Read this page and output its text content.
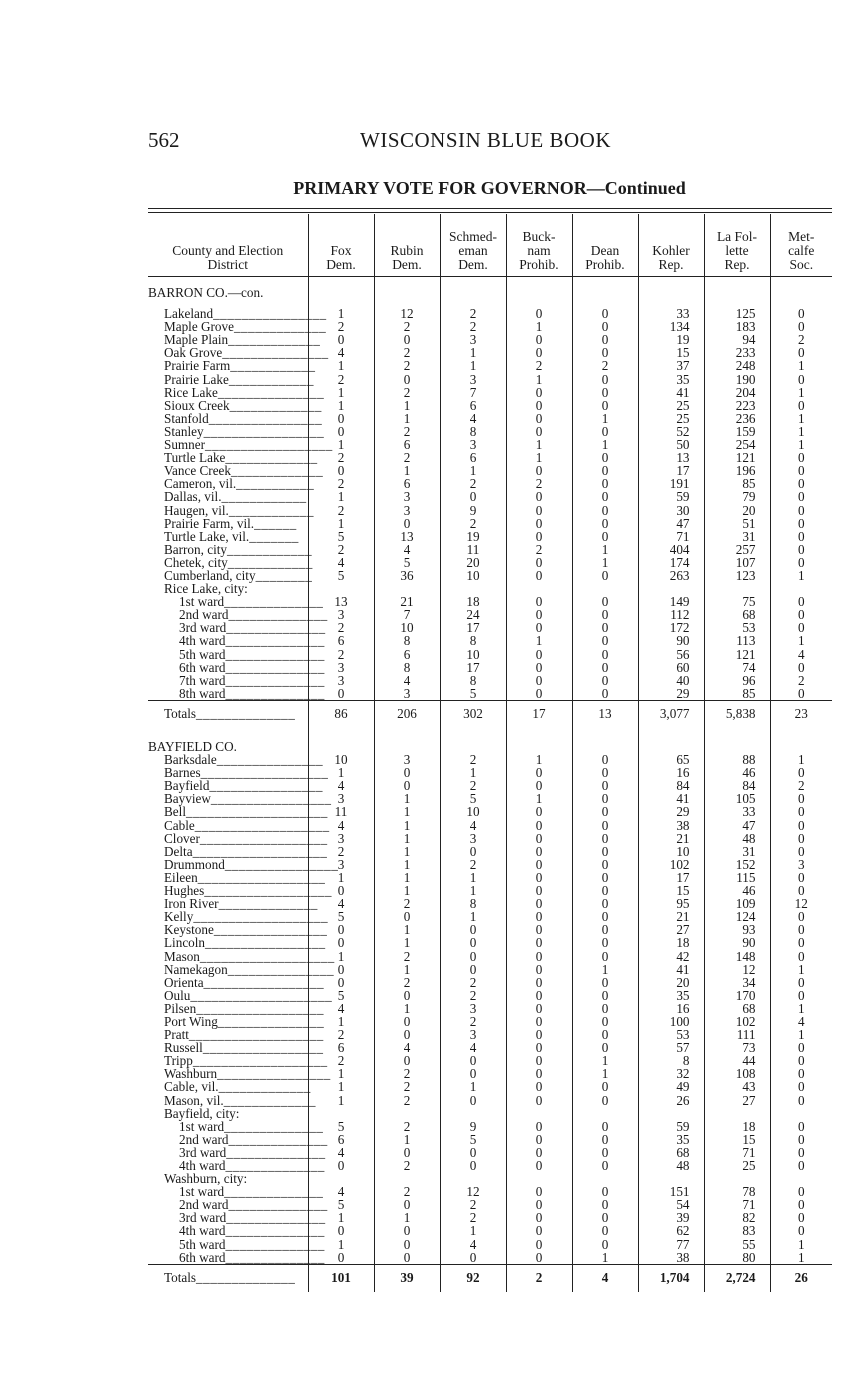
562	WISCONSIN BLUE BOOK
PRIMARY VOTE FOR GOVERNOR—Continued
County and Election
District	Fox
Dem.	Rubin
Dem.	Schmed-
eman
Dem.	Buck-
nam
Prohib.	Dean
Prohib.	Kohler
Rep.	La Fol-
lette
Rep.	Met-
calfe
Soc.
BARRON CO.—con.								
Lakeland________________	1	12	2	0	0	33	125	0
Maple Grove_____________	2	2	2	1	0	134	183	0
Maple Plain_____________	0	0	3	0	0	19	94	2
Oak Grove_______________	4	2	1	0	0	15	233	0
Prairie Farm____________	1	2	1	2	2	37	248	1
Prairie Lake____________	2	0	3	1	0	35	190	0
Rice Lake_______________	1	2	7	0	0	41	204	1
Sioux Creek_____________	1	1	6	0	0	25	223	0
Stanfold________________	0	1	4	0	1	25	236	1
Stanley_________________	0	2	8	0	0	52	159	1
Sumner__________________	1	6	3	1	1	50	254	1
Turtle Lake_____________	2	2	6	1	0	13	121	0
Vance Creek_____________	0	1	1	0	0	17	196	0
Cameron, vil.___________	2	6	2	2	0	191	85	0
Dallas, vil.____________	1	3	0	0	0	59	79	0
Haugen, vil.____________	2	3	9	0	0	30	20	0
Prairie Farm, vil.______	1	0	2	0	0	47	51	0
Turtle Lake, vil._______	5	13	19	0	0	71	31	0
Barron, city____________	2	4	11	2	1	404	257	0
Chetek, city____________	4	5	20	0	1	174	107	0
Cumberland, city________	5	36	10	0	0	263	123	1
Rice Lake, city:								
1st ward______________	13	21	18	0	0	149	75	0
2nd ward______________	3	7	24	0	0	112	68	0
3rd ward______________	2	10	17	0	0	172	53	0
4th ward______________	6	8	8	1	0	90	113	1
5th ward______________	2	6	10	0	0	56	121	4
6th ward______________	3	8	17	0	0	60	74	0
7th ward______________	3	4	8	0	0	40	96	2
8th ward______________	0	3	5	0	0	29	85	0
Totals______________	86	206	302	17	13	3,077	5,838	23
BAYFIELD CO.								
Barksdale_______________	10	3	2	1	0	65	88	1
Barnes__________________	1	0	1	0	0	16	46	0
Bayfield________________	4	0	2	0	0	84	84	2
Bayview_________________	3	1	5	1	0	41	105	0
Bell____________________	11	1	10	0	0	29	33	0
Cable___________________	4	1	4	0	0	38	47	0
Clover__________________	3	1	3	0	0	21	48	0
Delta___________________	2	1	0	0	0	10	31	0
Drummond________________	3	1	2	0	0	102	152	3
Eileen__________________	1	1	1	0	0	17	115	0
Hughes__________________	0	1	1	0	0	15	46	0
Iron River______________	4	2	8	0	0	95	109	12
Kelly___________________	5	0	1	0	0	21	124	0
Keystone________________	0	1	0	0	0	27	93	0
Lincoln_________________	0	1	0	0	0	18	90	0
Mason___________________	1	2	0	0	0	42	148	0
Namekagon_______________	0	1	0	0	1	41	12	1
Orienta_________________	0	2	2	0	0	20	34	0
Oulu____________________	5	0	2	0	0	35	170	0
Pilsen__________________	4	1	3	0	0	16	68	1
Port Wing_______________	1	0	2	0	0	100	102	4
Pratt___________________	2	0	3	0	0	53	111	1
Russell_________________	6	4	4	0	0	57	73	0
Tripp___________________	2	0	0	0	1	8	44	0
Washburn________________	1	2	0	0	1	32	108	0
Cable, vil._____________	1	2	1	0	0	49	43	0
Mason, vil._____________	1	2	0	0	0	26	27	0
Bayfield, city:								
1st ward______________	5	2	9	0	0	59	18	0
2nd ward______________	6	1	5	0	0	35	15	0
3rd ward______________	4	0	0	0	0	68	71	0
4th ward______________	0	2	0	0	0	48	25	0
Washburn, city:								
1st ward______________	4	2	12	0	0	151	78	0
2nd ward______________	5	0	2	0	0	54	71	0
3rd ward______________	1	1	2	0	0	39	82	0
4th ward______________	0	0	1	0	0	62	83	0
5th ward______________	1	0	4	0	0	77	55	1
6th ward______________	0	0	0	0	1	38	80	1
Totals______________	101	39	92	2	4	1,704	2,724	26
